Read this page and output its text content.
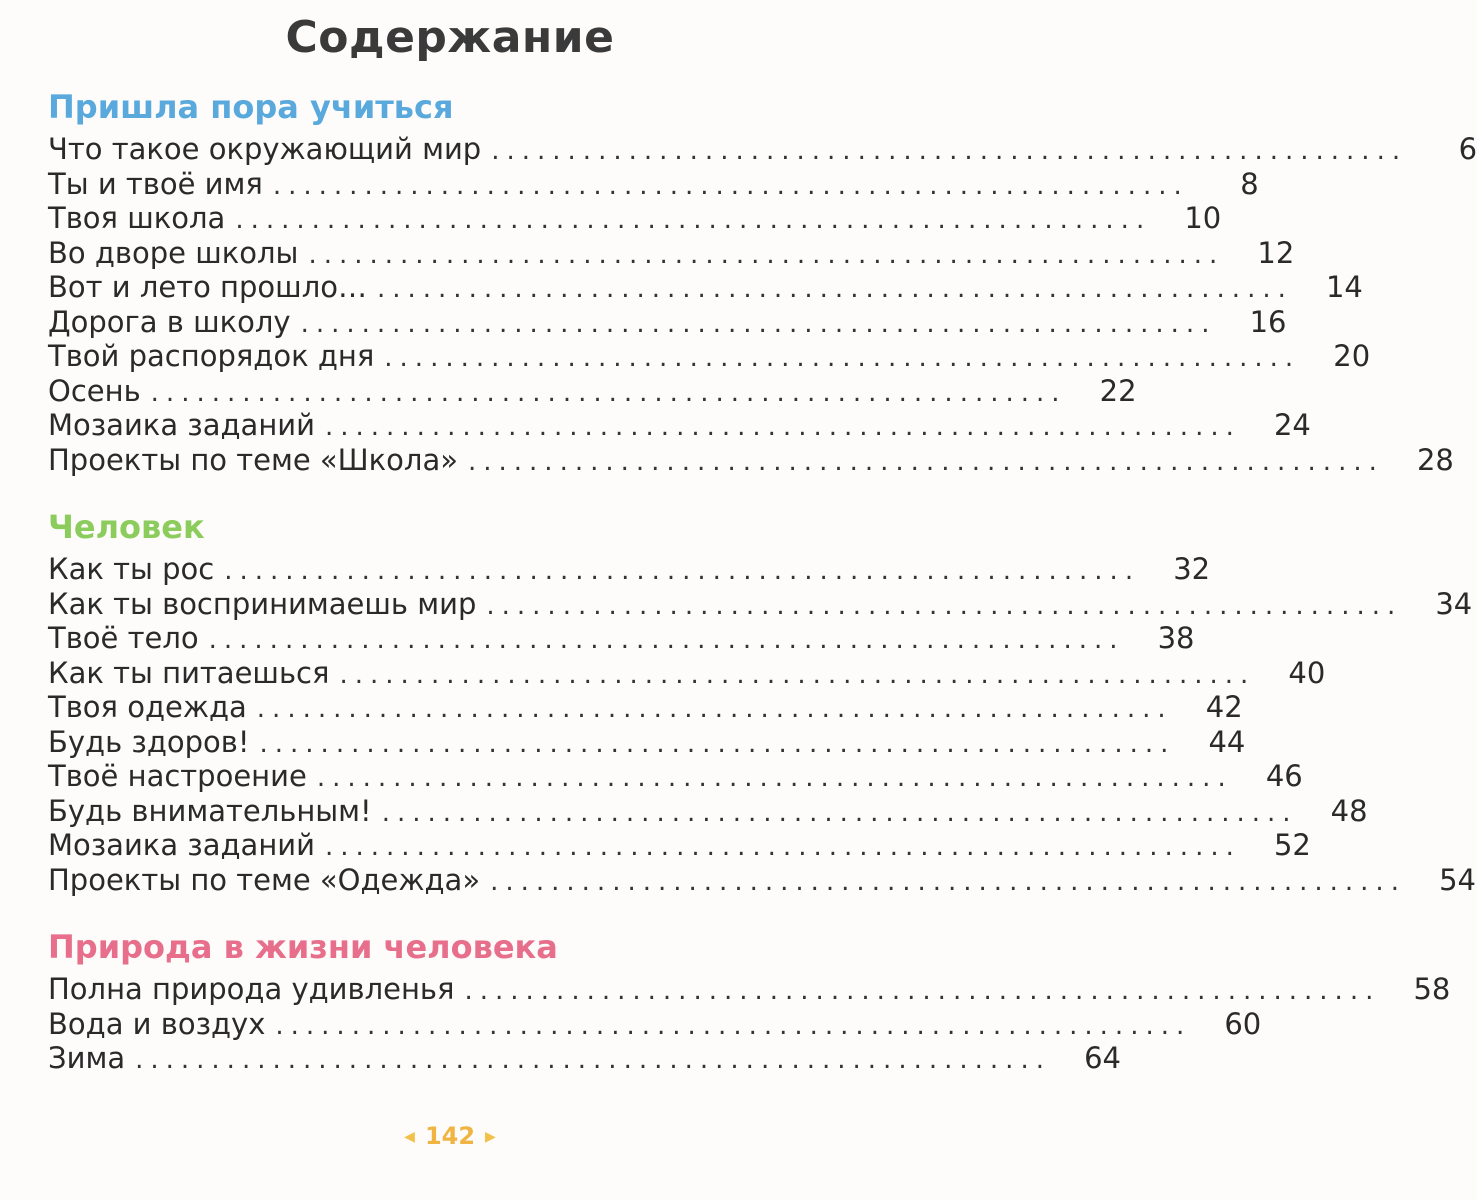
Содержание
Пришла пора учиться
Что такое окружающий мир ............................................................	6
Ты и твоё имя ............................................................	8
Твоя школа ............................................................	10
Во дворе школы ............................................................	12
Вот и лето прошло… ............................................................	14
Дорога в школу ............................................................	16
Твой распорядок дня ............................................................	20
Осень ............................................................	22
Мозаика заданий ............................................................	24
Проекты по теме «Школа» ............................................................	28
Человек
Как ты рос ............................................................	32
Как ты воспринимаешь мир ............................................................	34
Твоё тело ............................................................	38
Как ты питаешься ............................................................	40
Твоя одежда ............................................................	42
Будь здоров! ............................................................	44
Твоё настроение ............................................................	46
Будь внимательным! ............................................................	48
Мозаика заданий ............................................................	52
Проекты по теме «Одежда» ............................................................	54
Природа в жизни человека
Полна природа удивленья ............................................................	58
Вода и воздух ............................................................	60
Зима ............................................................	64
◀ 142 ▶
